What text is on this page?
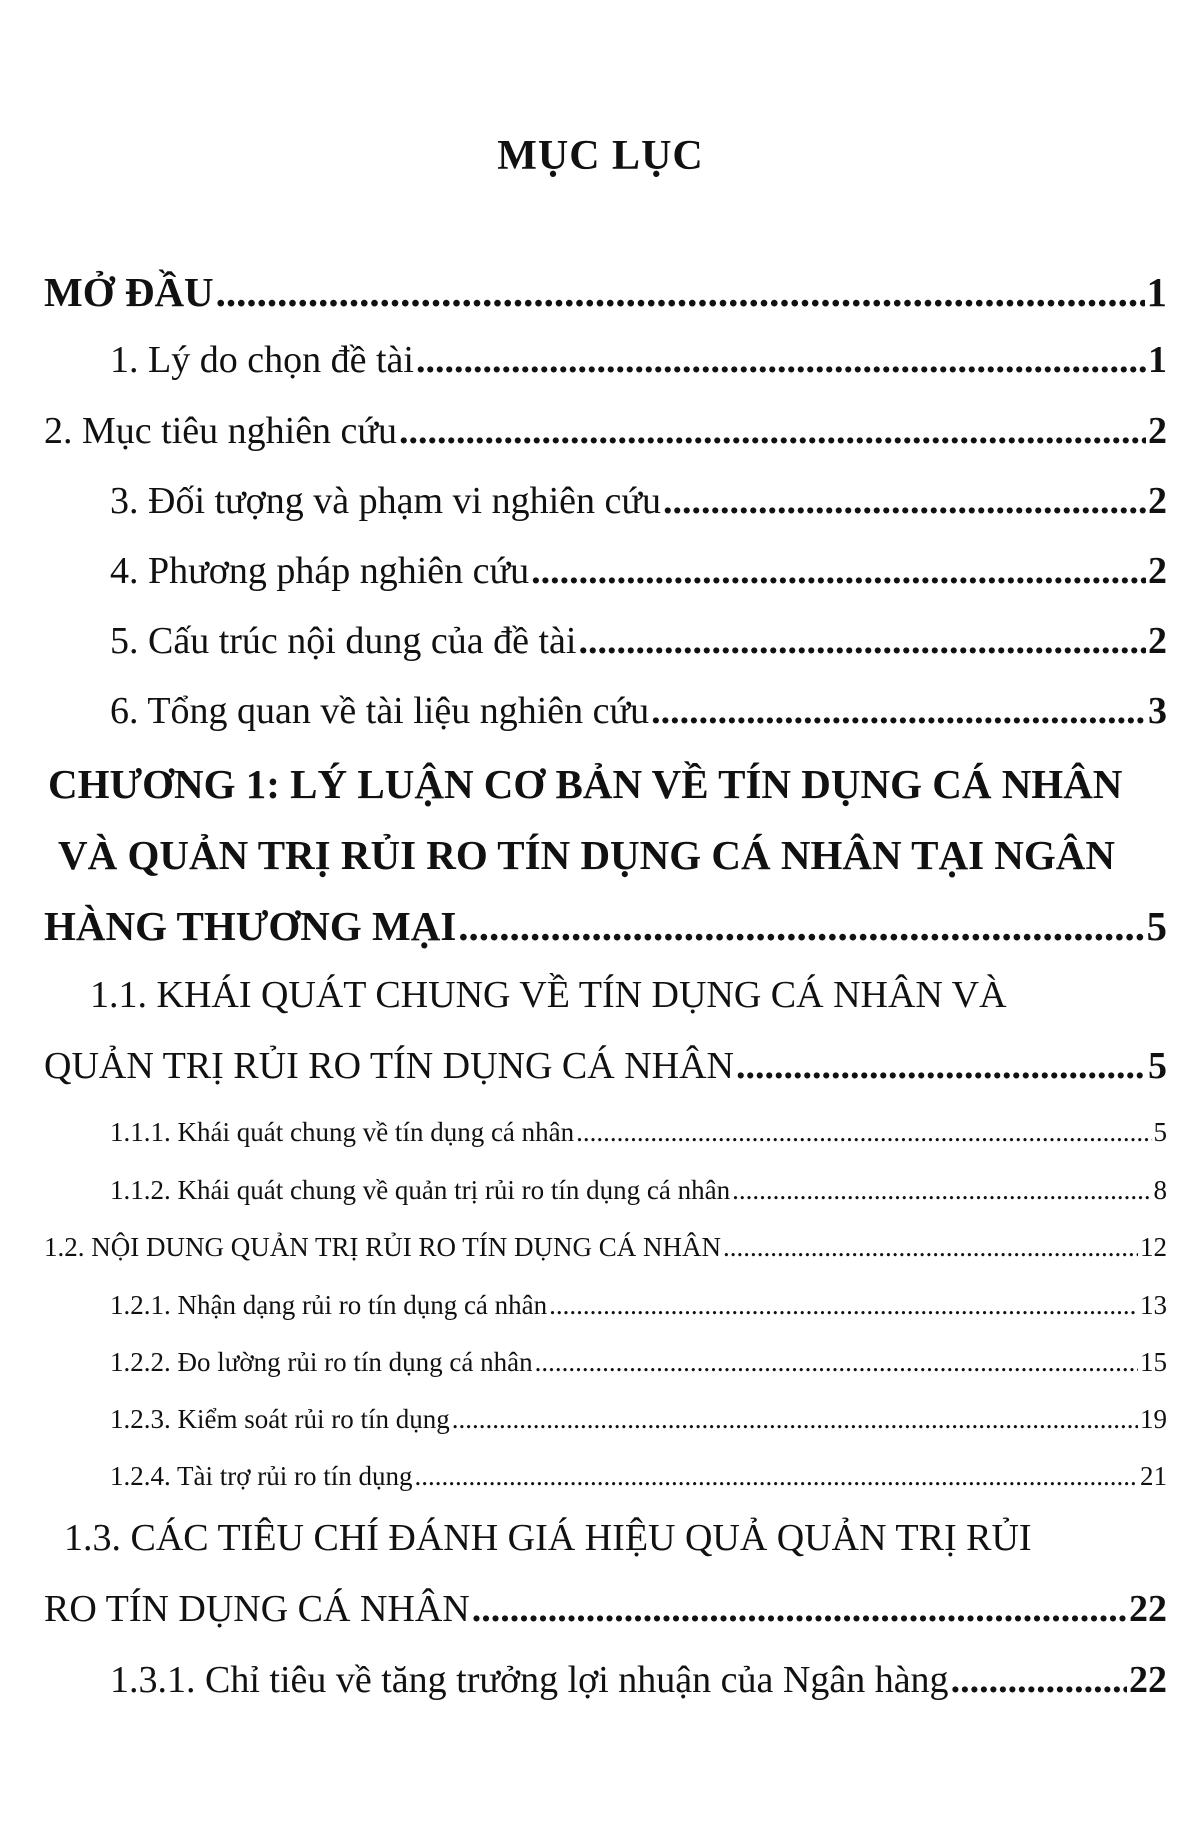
MỤC LỤC
MỞ ĐẦU .....	1
1. Lý do chọn đề tài .....	1
2. Mục tiêu nghiên cứu .....	2
3. Đối tượng và phạm vi nghiên cứu .....	2
4. Phương pháp nghiên cứu .....	2
5. Cấu trúc nội dung của đề tài .....	2
6. Tổng quan về tài liệu nghiên cứu .....	3
CHƯƠNG 1: LÝ LUẬN CƠ BẢN VỀ TÍN DỤNG CÁ NHÂN
VÀ QUẢN TRỊ RỦI RO TÍN DỤNG CÁ NHÂN TẠI NGÂN
HÀNG THƯƠNG MẠI .....	5
1.1. KHÁI QUÁT CHUNG VỀ TÍN DỤNG CÁ NHÂN VÀ
QUẢN TRỊ RỦI RO TÍN DỤNG CÁ NHÂN .....	5
1.1.1. Khái quát chung về tín dụng cá nhân .....	5
1.1.2. Khái quát chung về quản trị rủi ro tín dụng cá nhân .....	8
1.2. NỘI DUNG QUẢN TRỊ RỦI RO TÍN DỤNG CÁ NHÂN .....	12
1.2.1. Nhận dạng rủi ro tín dụng cá nhân .....	13
1.2.2. Đo lường rủi ro tín dụng cá nhân .....	15
1.2.3. Kiểm soát rủi ro tín dụng .....	19
1.2.4. Tài trợ rủi ro tín dụng .....	21
1.3. CÁC TIÊU CHÍ ĐÁNH GIÁ HIỆU QUẢ QUẢN TRỊ RỦI
RO TÍN DỤNG CÁ NHÂN .....	22
1.3.1. Chỉ tiêu về tăng trưởng lợi nhuận của Ngân hàng .....	22
